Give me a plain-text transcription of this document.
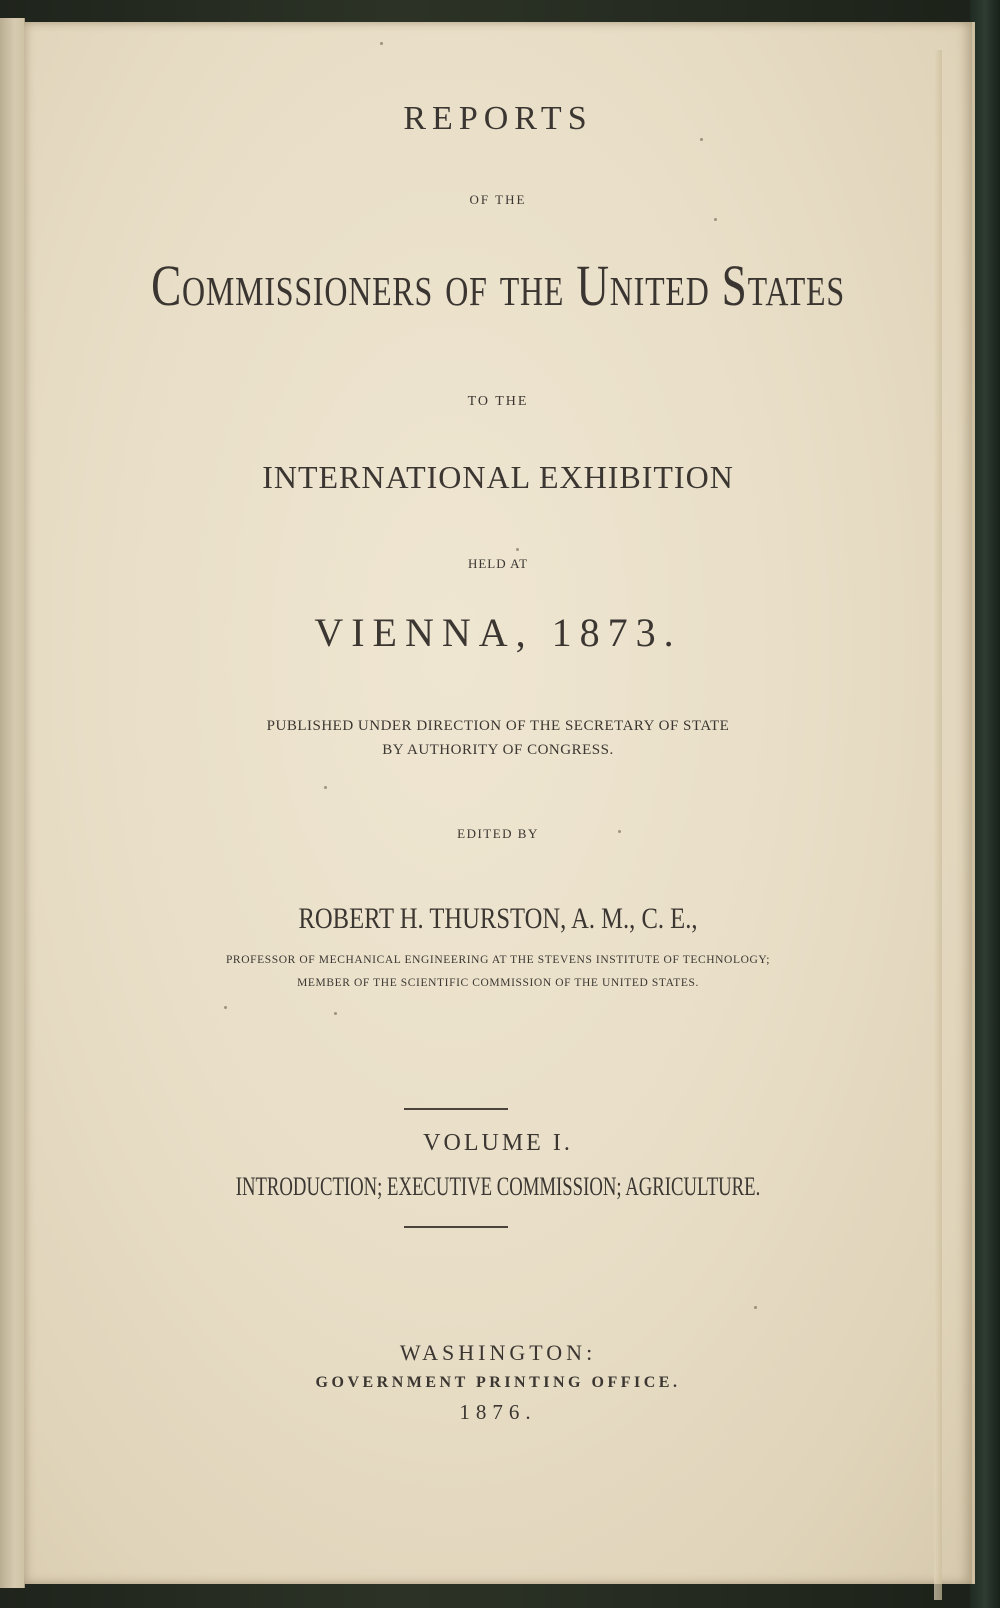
REPORTS
OF THE
Commissioners of the United States
TO THE
INTERNATIONAL EXHIBITION
HELD AT
VIENNA, 1873.
PUBLISHED UNDER DIRECTION OF THE SECRETARY OF STATE
BY AUTHORITY OF CONGRESS.
EDITED BY
ROBERT H. THURSTON, A. M., C. E.,
PROFESSOR OF MECHANICAL ENGINEERING AT THE STEVENS INSTITUTE OF TECHNOLOGY;
MEMBER OF THE SCIENTIFIC COMMISSION OF THE UNITED STATES.
VOLUME I.
INTRODUCTION; EXECUTIVE COMMISSION; AGRICULTURE.
WASHINGTON:
GOVERNMENT PRINTING OFFICE.
1876.
